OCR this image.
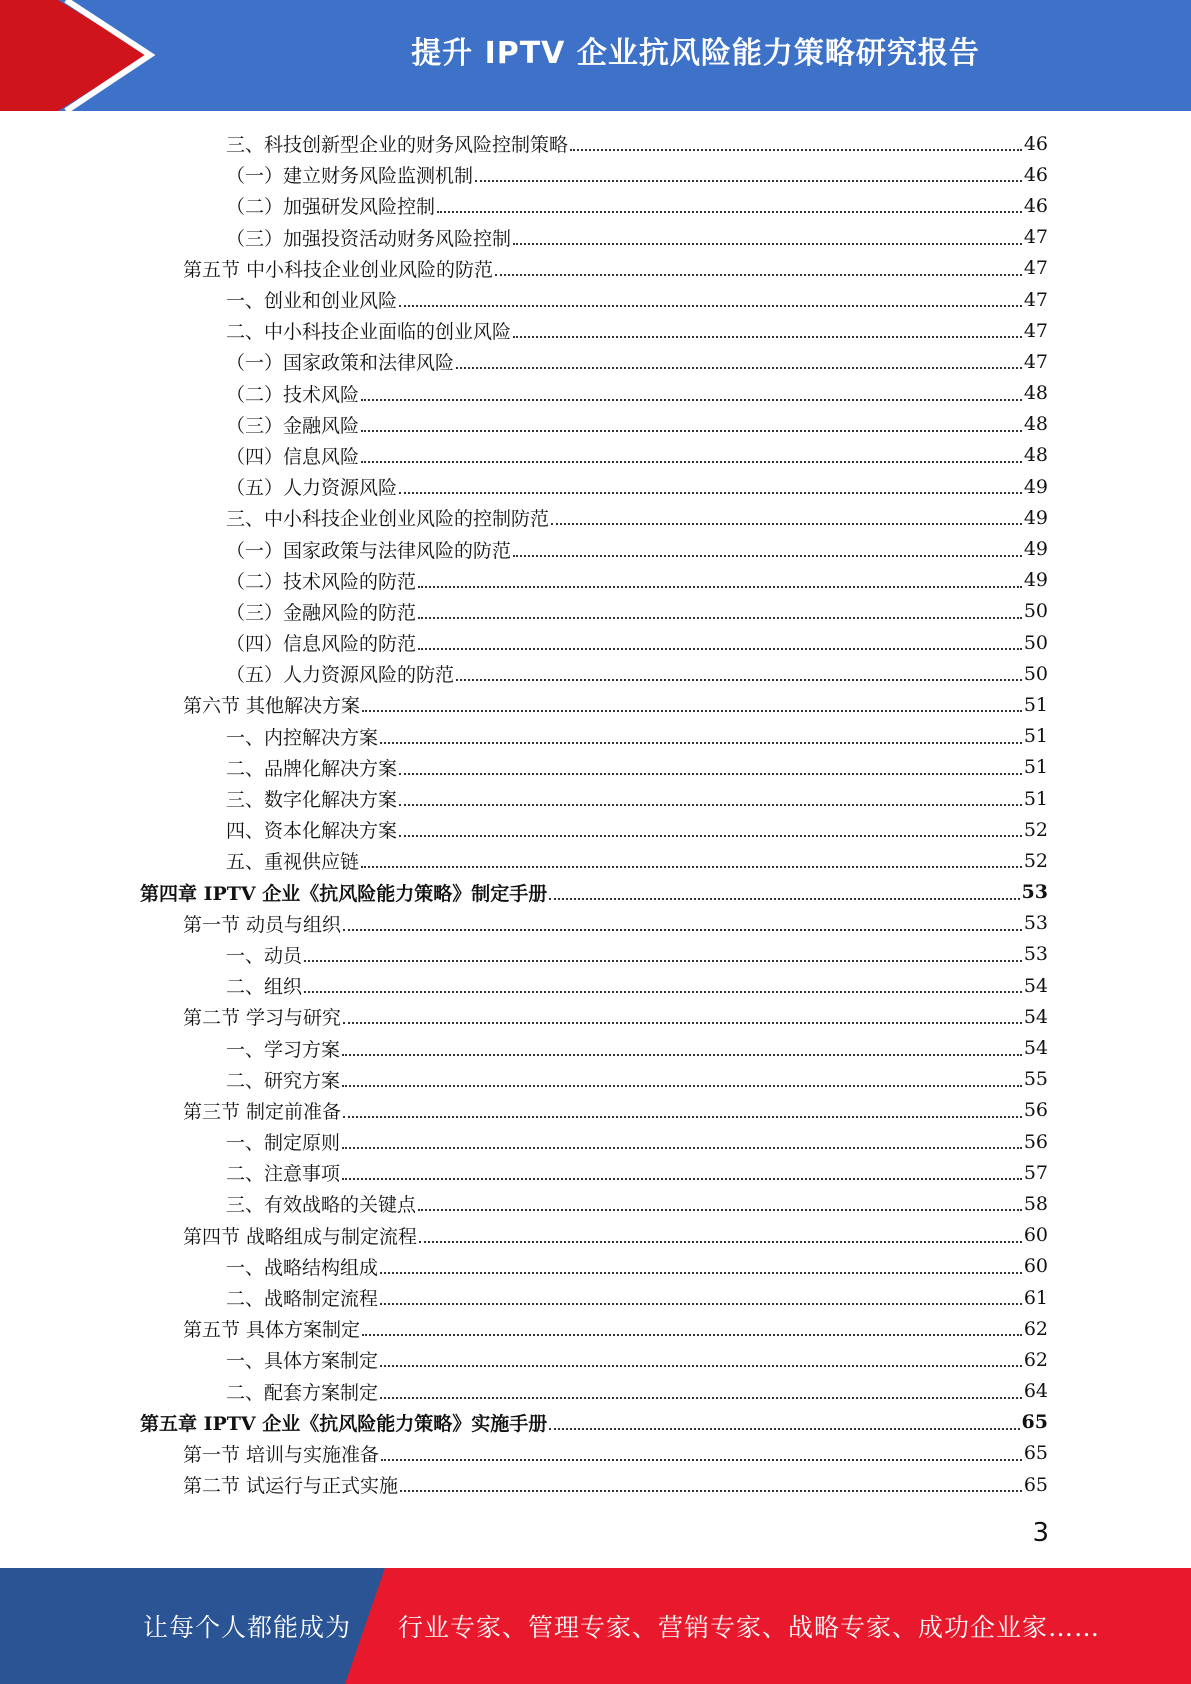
提升 IPTV 企业抗风险能力策略研究报告
三、科技创新型企业的财务风险控制策略	46
（一）建立财务风险监测机制	46
（二）加强研发风险控制	46
（三）加强投资活动财务风险控制	47
第五节 中小科技企业创业风险的防范	47
一、创业和创业风险	47
二、中小科技企业面临的创业风险	47
（一）国家政策和法律风险	47
（二）技术风险	48
（三）金融风险	48
（四）信息风险	48
（五）人力资源风险	49
三、中小科技企业创业风险的控制防范	49
（一）国家政策与法律风险的防范	49
（二）技术风险的防范	49
（三）金融风险的防范	50
（四）信息风险的防范	50
（五）人力资源风险的防范	50
第六节 其他解决方案	51
一、内控解决方案	51
二、品牌化解决方案	51
三、数字化解决方案	51
四、资本化解决方案	52
五、重视供应链	52
第四章 IPTV 企业《抗风险能力策略》制定手册	53
第一节 动员与组织	53
一、动员	53
二、组织	54
第二节 学习与研究	54
一、学习方案	54
二、研究方案	55
第三节 制定前准备	56
一、制定原则	56
二、注意事项	57
三、有效战略的关键点	58
第四节 战略组成与制定流程	60
一、战略结构组成	60
二、战略制定流程	61
第五节 具体方案制定	62
一、具体方案制定	62
二、配套方案制定	64
第五章 IPTV 企业《抗风险能力策略》实施手册	65
第一节 培训与实施准备	65
第二节 试运行与正式实施	65
3
让每个人都能成为 行业专家、管理专家、营销专家、战略专家、成功企业家……
